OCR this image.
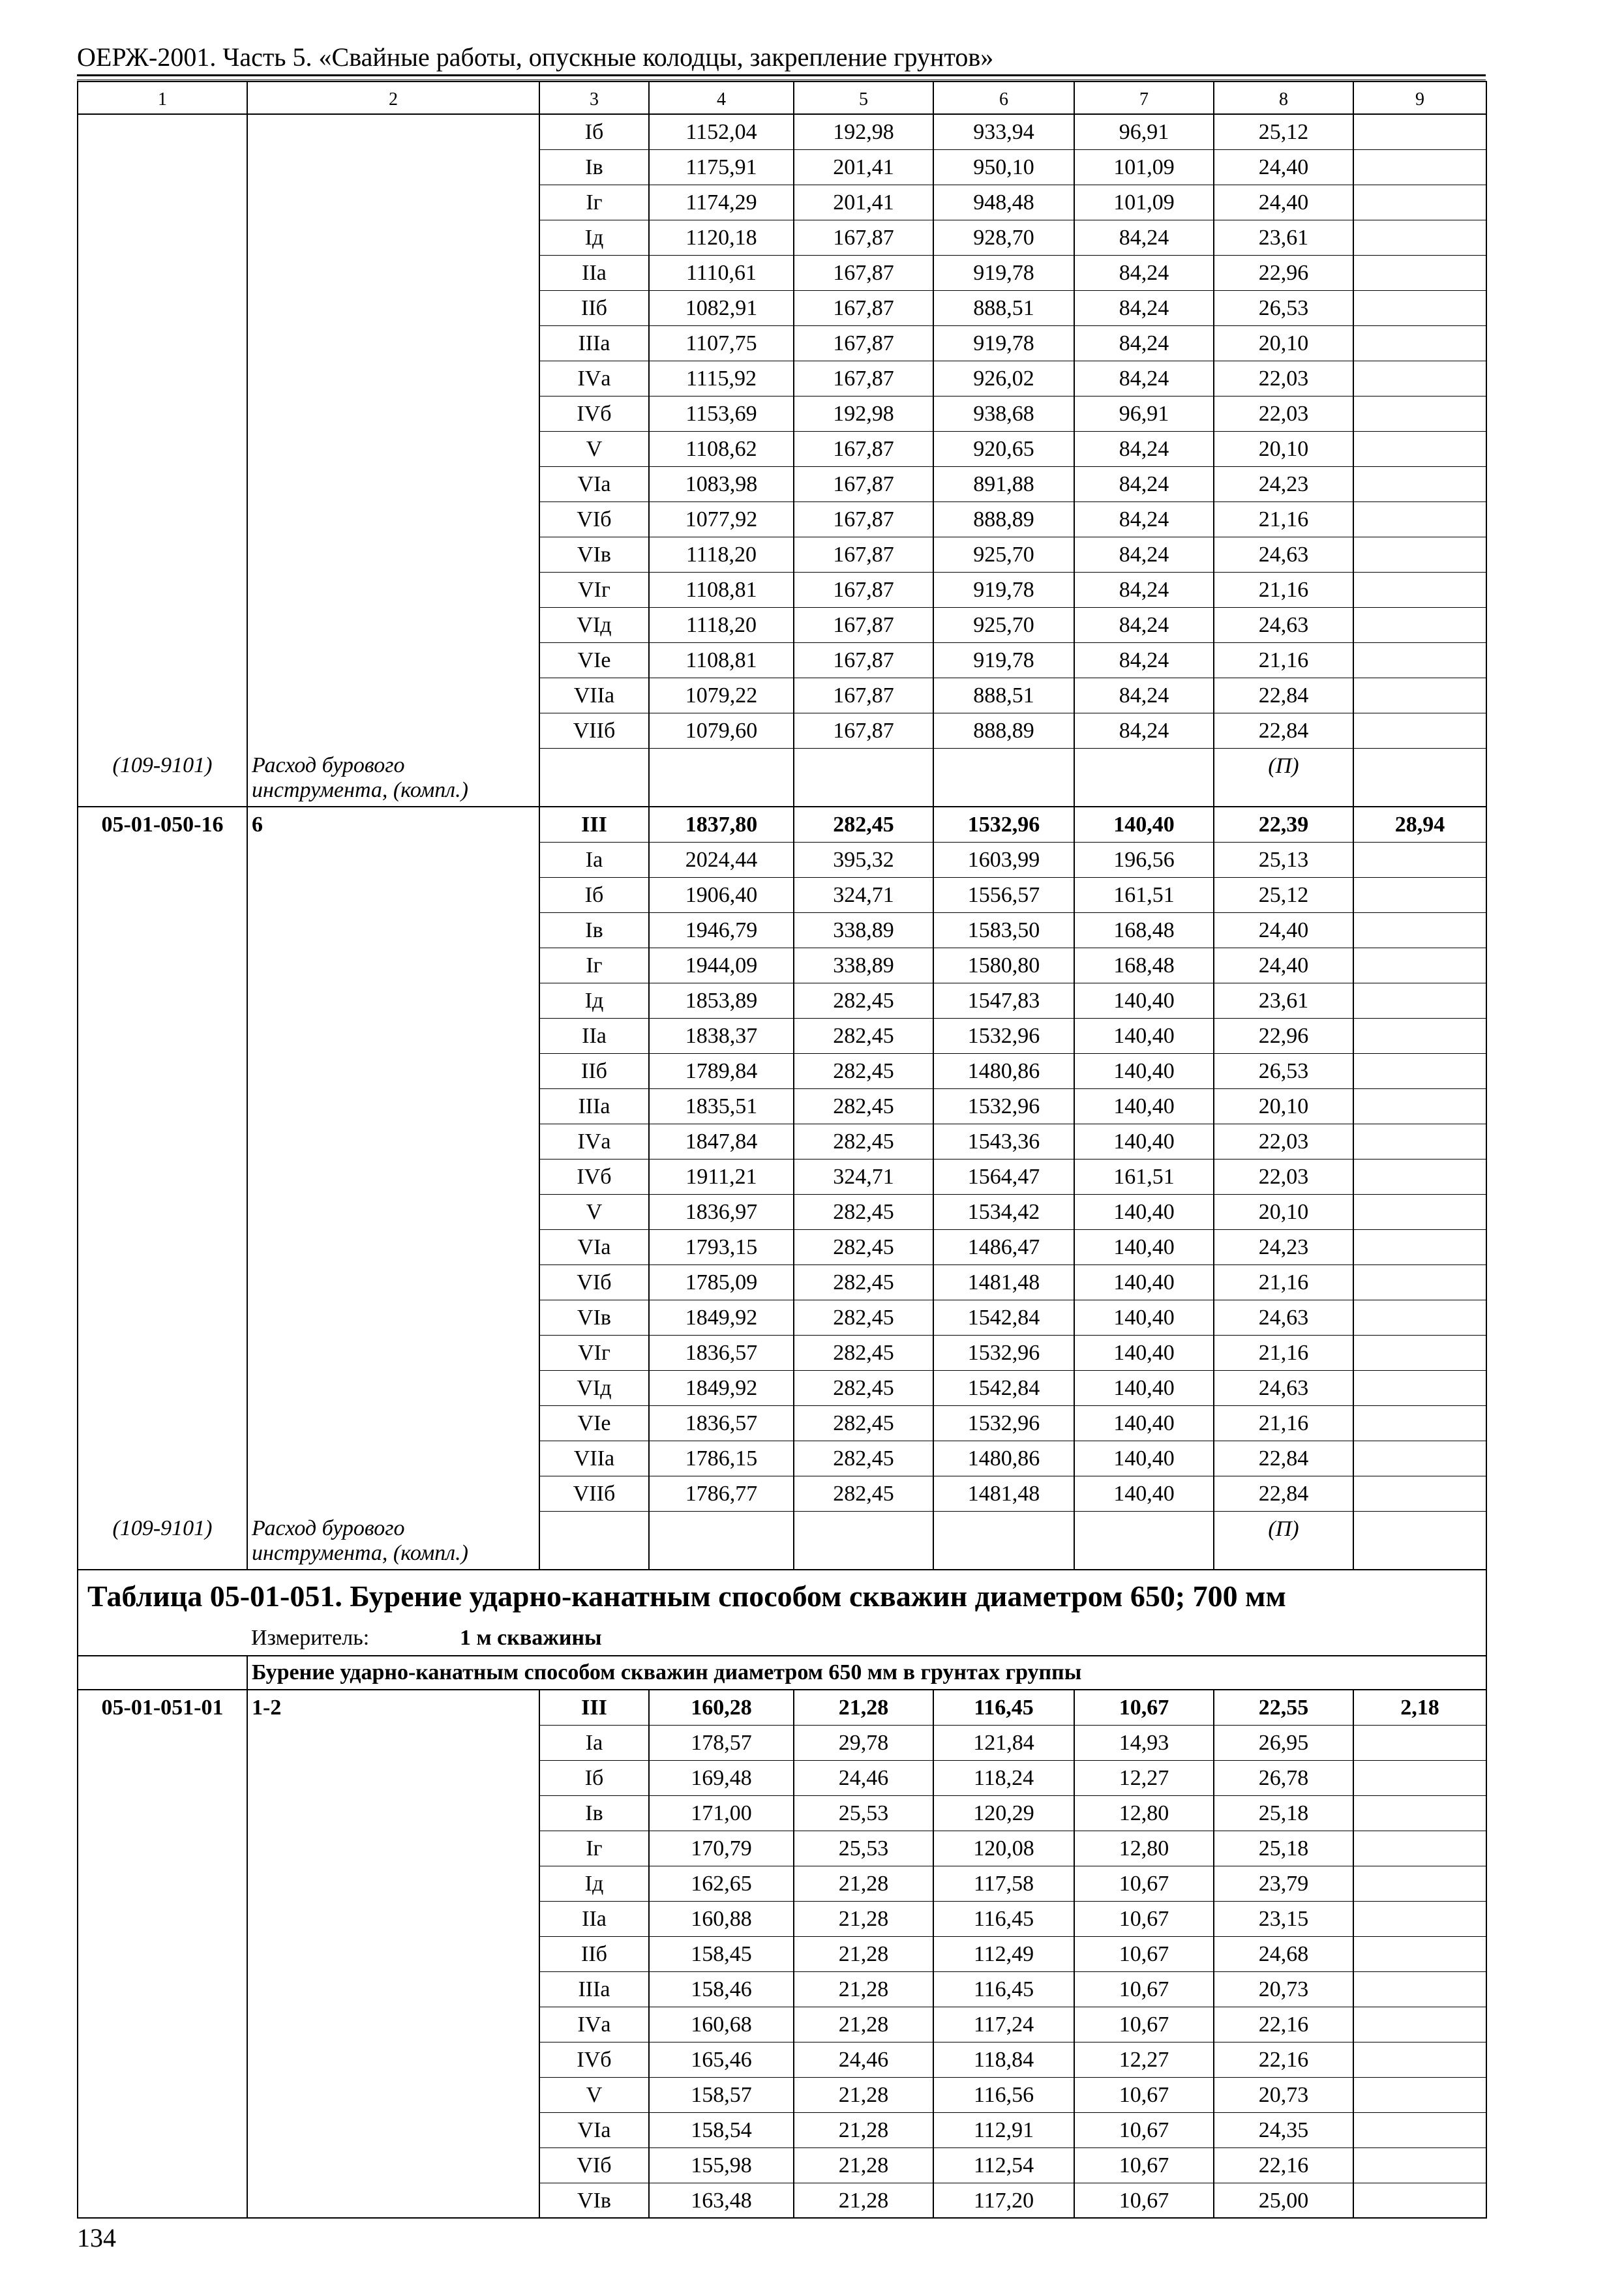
ОЕРЖ-2001. Часть 5. «Свайные работы, опускные колодцы, закрепление грунтов»
1	2	3	4	5	6	7	8	9
		Iб	1152,04	192,98	933,94	96,91	25,12	
		Iв	1175,91	201,41	950,10	101,09	24,40	
		Iг	1174,29	201,41	948,48	101,09	24,40	
		Iд	1120,18	167,87	928,70	84,24	23,61	
		IIа	1110,61	167,87	919,78	84,24	22,96	
		IIб	1082,91	167,87	888,51	84,24	26,53	
		IIIа	1107,75	167,87	919,78	84,24	20,10	
		IVа	1115,92	167,87	926,02	84,24	22,03	
		IVб	1153,69	192,98	938,68	96,91	22,03	
		V	1108,62	167,87	920,65	84,24	20,10	
		VIа	1083,98	167,87	891,88	84,24	24,23	
		VIб	1077,92	167,87	888,89	84,24	21,16	
		VIв	1118,20	167,87	925,70	84,24	24,63	
		VIг	1108,81	167,87	919,78	84,24	21,16	
		VIд	1118,20	167,87	925,70	84,24	24,63	
		VIе	1108,81	167,87	919,78	84,24	21,16	
		VIIа	1079,22	167,87	888,51	84,24	22,84	
		VIIб	1079,60	167,87	888,89	84,24	22,84	
(109-9101)	Расход бурового инструмента, (компл.)						(П)	
05-01-050-16	6	III	1837,80	282,45	1532,96	140,40	22,39	28,94
		Iа	2024,44	395,32	1603,99	196,56	25,13	
		Iб	1906,40	324,71	1556,57	161,51	25,12	
		Iв	1946,79	338,89	1583,50	168,48	24,40	
		Iг	1944,09	338,89	1580,80	168,48	24,40	
		Iд	1853,89	282,45	1547,83	140,40	23,61	
		IIа	1838,37	282,45	1532,96	140,40	22,96	
		IIб	1789,84	282,45	1480,86	140,40	26,53	
		IIIа	1835,51	282,45	1532,96	140,40	20,10	
		IVа	1847,84	282,45	1543,36	140,40	22,03	
		IVб	1911,21	324,71	1564,47	161,51	22,03	
		V	1836,97	282,45	1534,42	140,40	20,10	
		VIа	1793,15	282,45	1486,47	140,40	24,23	
		VIб	1785,09	282,45	1481,48	140,40	21,16	
		VIв	1849,92	282,45	1542,84	140,40	24,63	
		VIг	1836,57	282,45	1532,96	140,40	21,16	
		VIд	1849,92	282,45	1542,84	140,40	24,63	
		VIе	1836,57	282,45	1532,96	140,40	21,16	
		VIIа	1786,15	282,45	1480,86	140,40	22,84	
		VIIб	1786,77	282,45	1481,48	140,40	22,84	
(109-9101)	Расход бурового инструмента, (компл.)						(П)	
Таблица 05-01-051. Бурение ударно-канатным способом скважин диаметром 650; 700 мм								
	Измеритель: 1 м скважины							
	Бурение ударно-канатным способом скважин диаметром 650 мм в грунтах группы							
05-01-051-01	1-2	III	160,28	21,28	116,45	10,67	22,55	2,18
		Iа	178,57	29,78	121,84	14,93	26,95	
		Iб	169,48	24,46	118,24	12,27	26,78	
		Iв	171,00	25,53	120,29	12,80	25,18	
		Iг	170,79	25,53	120,08	12,80	25,18	
		Iд	162,65	21,28	117,58	10,67	23,79	
		IIа	160,88	21,28	116,45	10,67	23,15	
		IIб	158,45	21,28	112,49	10,67	24,68	
		IIIа	158,46	21,28	116,45	10,67	20,73	
		IVа	160,68	21,28	117,24	10,67	22,16	
		IVб	165,46	24,46	118,84	12,27	22,16	
		V	158,57	21,28	116,56	10,67	20,73	
		VIа	158,54	21,28	112,91	10,67	24,35	
		VIб	155,98	21,28	112,54	10,67	22,16	
		VIв	163,48	21,28	117,20	10,67	25,00	
134
